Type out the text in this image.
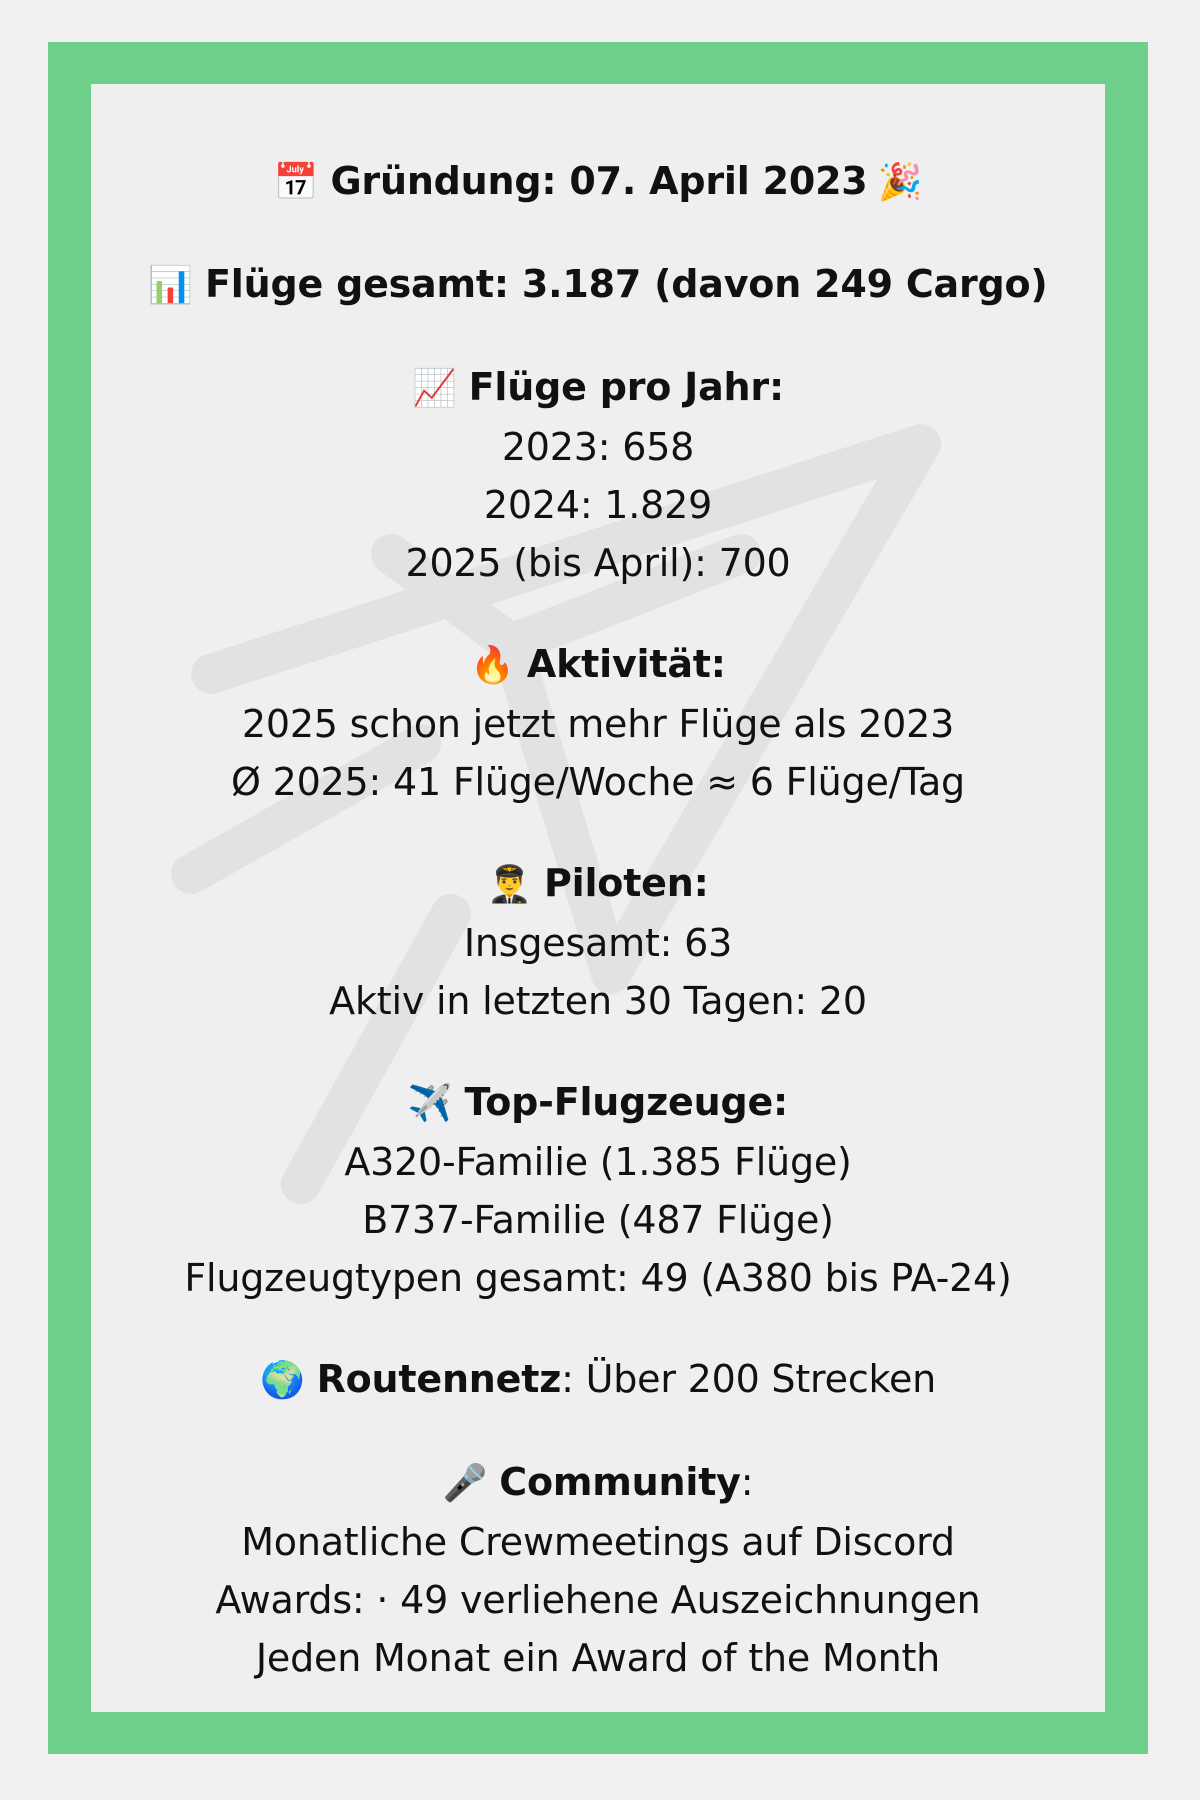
📅 Gründung: 07. April 2023 🎉
📊 Flüge gesamt: 3.187 (davon 249 Cargo)
📈 Flüge pro Jahr:
2023: 658
2024: 1.829
2025 (bis April): 700
🔥 Aktivität:
2025 schon jetzt mehr Flüge als 2023
Ø 2025: 41 Flüge/Woche ≈ 6 Flüge/Tag
👨‍✈️ Piloten:
Insgesamt: 63
Aktiv in letzten 30 Tagen: 20
✈️ Top-Flugzeuge:
A320-Familie (1.385 Flüge)
B737-Familie (487 Flüge)
Flugzeugtypen gesamt: 49 (A380 bis PA-24)
🌍 Routennetz: Über 200 Strecken
🎤 Community:
Monatliche Crewmeetings auf Discord
Awards: · 49 verliehene Auszeichnungen
Jeden Monat ein Award of the Month
